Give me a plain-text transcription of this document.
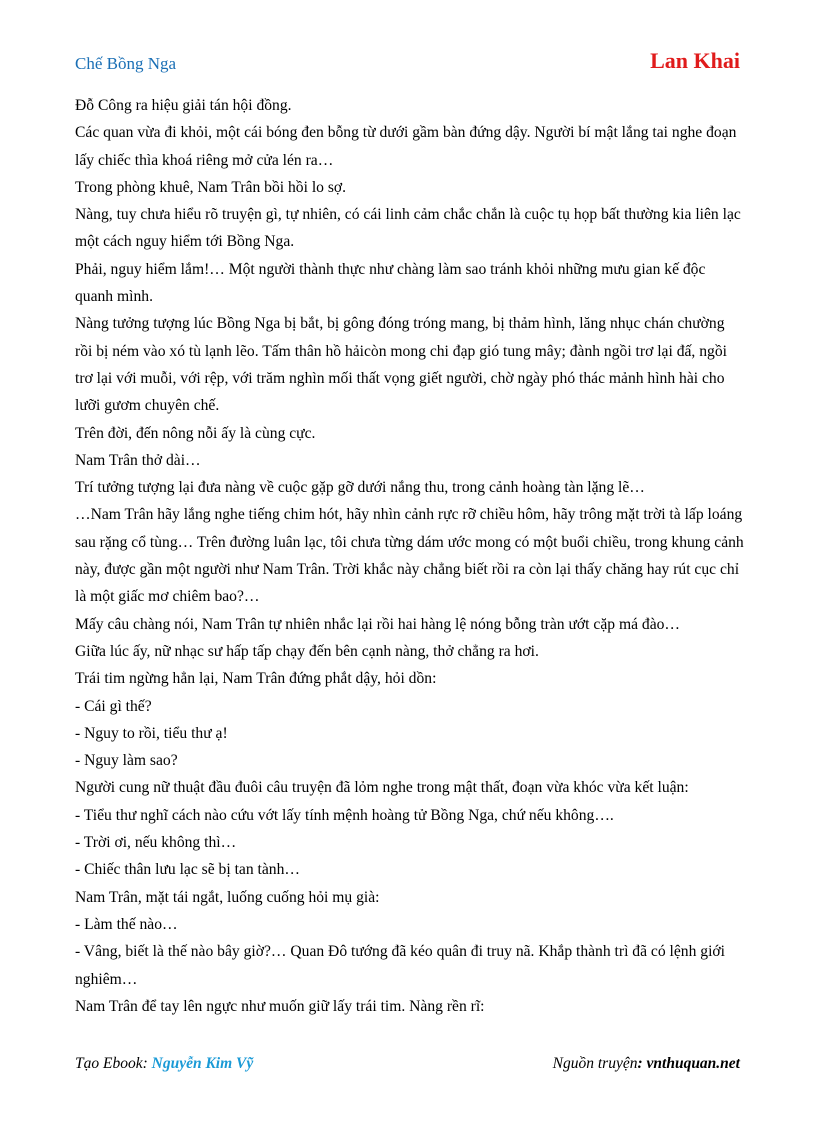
Chế Bồng Nga	Lan Khai

Đỗ Công ra hiệu giải tán hội đồng.

Các quan vừa đi khỏi, một cái bóng đen bỗng từ dưới gầm bàn đứng dậy. Người bí mật lắng tai nghe đoạn lấy chiếc thìa khoá riêng mở cửa lén ra…

Trong phòng khuê, Nam Trân bồi hồi lo sợ.

Nàng, tuy chưa hiểu rõ truyện gì, tự nhiên, có cái linh cảm chắc chắn là cuộc tụ họp bất thường kia liên lạc một cách nguy hiểm tới Bồng Nga.

Phải, nguy hiểm lắm!… Một người thành thực như chàng làm sao tránh khỏi những mưu gian kế độc quanh mình.

Nàng tưởng tượng lúc Bồng Nga bị bắt, bị gông đóng tróng mang, bị thảm hình, lăng nhục chán chường rồi bị ném vào xó tù lạnh lẽo. Tấm thân hồ hảicòn mong chi đạp gió tung mây; đành ngồi trơ lại đấ, ngồi trơ lại với muỗi, với rệp, với trăm nghìn mối thất vọng giết người, chờ ngày phó thác mảnh hình hài cho lưỡi gươm chuyên chế.

Trên đời, đến nông nỗi ấy là cùng cực.

Nam Trân thở dài…

Trí tưởng tượng lại đưa nàng về cuộc gặp gỡ dưới nắng thu, trong cảnh hoàng tàn lặng lẽ…

…Nam Trân hãy lắng nghe tiếng chim hót, hãy nhìn cảnh rực rỡ chiều hôm, hãy trông mặt trời tà lấp loáng sau rặng cổ tùng… Trên đường luân lạc, tôi chưa từng dám ước mong có một buổi chiều, trong khung cảnh này, được gần một người như Nam Trân. Trời khắc này chẳng biết rồi ra còn lại thấy chăng hay rút cục chỉ là một giấc mơ chiêm bao?…

Mấy câu chàng nói, Nam Trân tự nhiên nhắc lại rồi hai hàng lệ nóng bỗng tràn ướt cặp má đào…

Giữa lúc ấy, nữ nhạc sư hấp tấp chạy đến bên cạnh nàng, thở chẳng ra hơi.

Trái tim ngừng hẳn lại, Nam Trân đứng phắt dậy, hỏi dồn:

- Cái gì thế?

- Nguy to rồi, tiểu thư ạ!

- Nguy làm sao?

Người cung nữ thuật đầu đuôi câu truyện đã lỏm nghe trong mật thất, đoạn vừa khóc vừa kết luận:

- Tiểu thư nghĩ cách nào cứu vớt lấy tính mệnh hoàng tử Bồng Nga, chứ nếu không….

- Trời ơi, nếu không thì…

- Chiếc thân lưu lạc sẽ bị tan tành…

Nam Trân, mặt tái ngắt, luống cuống hỏi mụ già:

- Làm thế nào…

- Vâng, biết là thế nào bây giờ?… Quan Đô tướng đã kéo quân đi truy nã. Khắp thành trì đã có lệnh giới nghiêm…

Nam Trân để tay lên ngực như muốn giữ lấy trái tim. Nàng rền rĩ:

Tạo Ebook: Nguyễn Kim Vỹ	Nguồn truyện: vnthuquan.net
